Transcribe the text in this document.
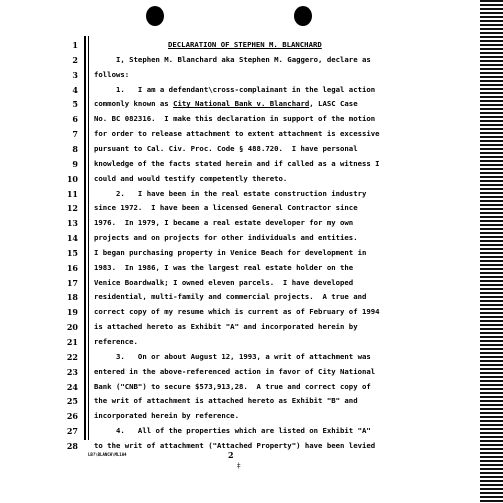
1	DECLARATION OF STEPHEN M. BLANCHARD
2 I, Stephen M. Blanchard aka Stephen M. Gaggero, declare as
3 follows:
4 1.   I am a defendant\cross-complainant in the legal action
5 commonly known as City National Bank v. Blanchard, LASC Case
6 No. BC 082316.  I make this declaration in support of the motion
7 for order to release attachment to extent attachment is excessive
8 pursuant to Cal. Civ. Proc. Code § 488.720.  I have personal
9 knowledge of the facts stated herein and if called as a witness I
10 could and would testify competently thereto.
11 2.   I have been in the real estate construction industry
12 since 1972.  I have been a licensed General Contractor since
13 1976.  In 1979, I became a real estate developer for my own
14 projects and on projects for other individuals and entities.
15 I began purchasing property in Venice Beach for development in
16 1983.  In 1986, I was the largest real estate holder on the
17 Venice Boardwalk; I owned eleven parcels.  I have developed
18 residential, multi-family and commercial projects.  A true and
19 correct copy of my resume which is current as of February of 1994
20 is attached hereto as Exhibit "A" and incorporated herein by
21 reference.
22 3.   On or about August 12, 1993, a writ of attachment was
23 entered in the above-referenced action in favor of City National
24 Bank ("CNB") to secure $573,913,28.  A true and correct copy of
25 the writ of attachment is attached hereto as Exhibit "B" and
26 incorporated herein by reference.
27 4.   All of the properties which are listed on Exhibit "A"
28 to the writ of attachment ("Attached Property") have been levied
LB?\BLANCH\ML1A4	2
‡
